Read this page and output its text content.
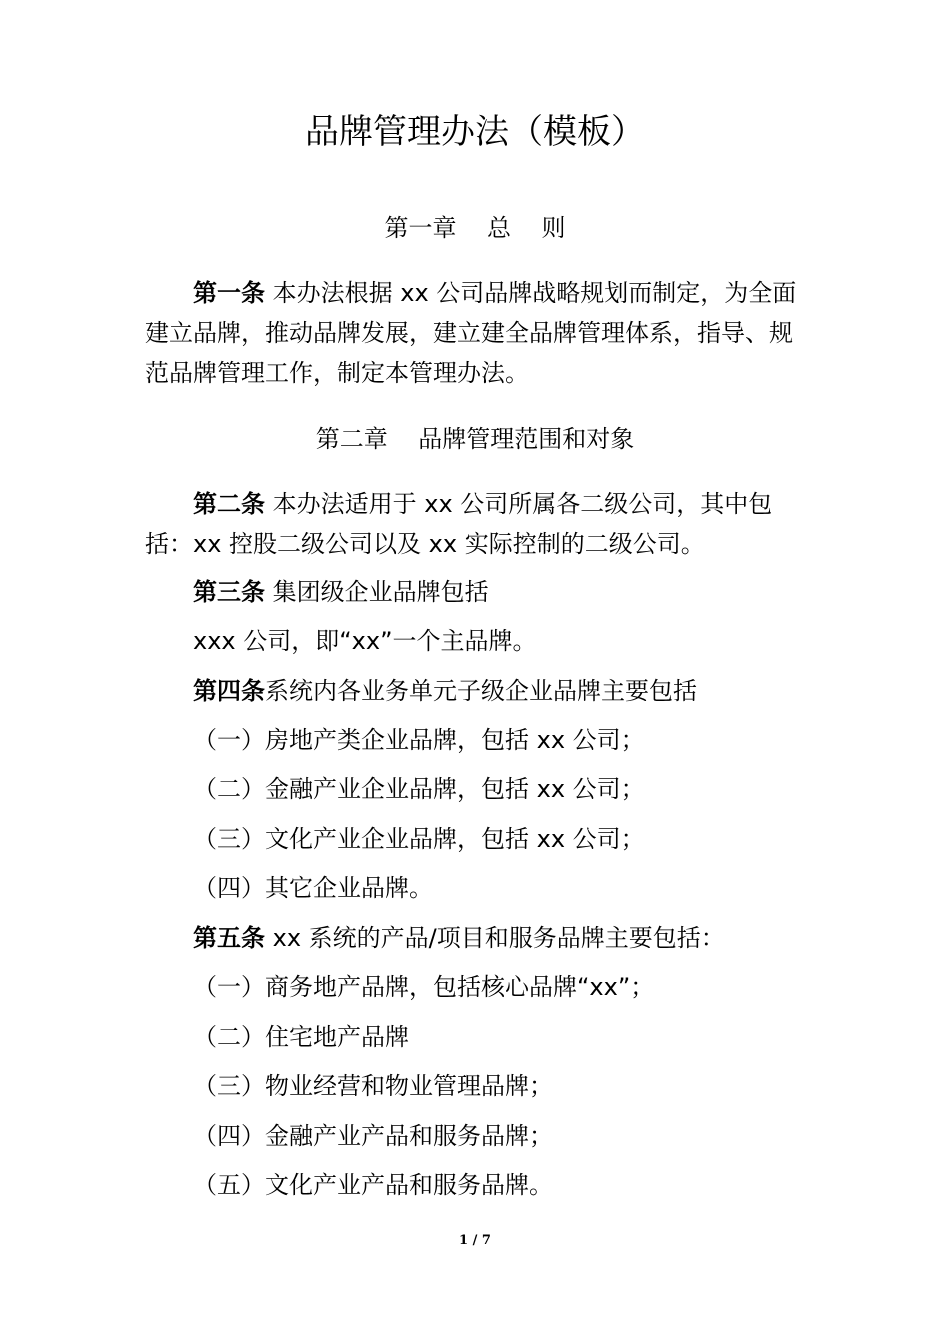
品牌管理办法（模板）
第一章    总    则
第一条 本办法根据 xx 公司品牌战略规划而制定，为全面建立品牌，推动品牌发展，建立建全品牌管理体系，指导、规范品牌管理工作，制定本管理办法。
第二章    品牌管理范围和对象
第二条 本办法适用于 xx 公司所属各二级公司，其中包括：xx 控股二级公司以及 xx 实际控制的二级公司。
第三条 集团级企业品牌包括
xxx 公司，即“xx”一个主品牌。
第四条系统内各业务单元子级企业品牌主要包括
（一）房地产类企业品牌，包括 xx 公司；
（二）金融产业企业品牌，包括 xx 公司；
（三）文化产业企业品牌，包括 xx 公司；
（四）其它企业品牌。
第五条 xx 系统的产品/项目和服务品牌主要包括：
（一）商务地产品牌，包括核心品牌“xx”；
（二）住宅地产品牌
（三）物业经营和物业管理品牌；
（四）金融产业产品和服务品牌；
（五）文化产业产品和服务品牌。
1 / 7
